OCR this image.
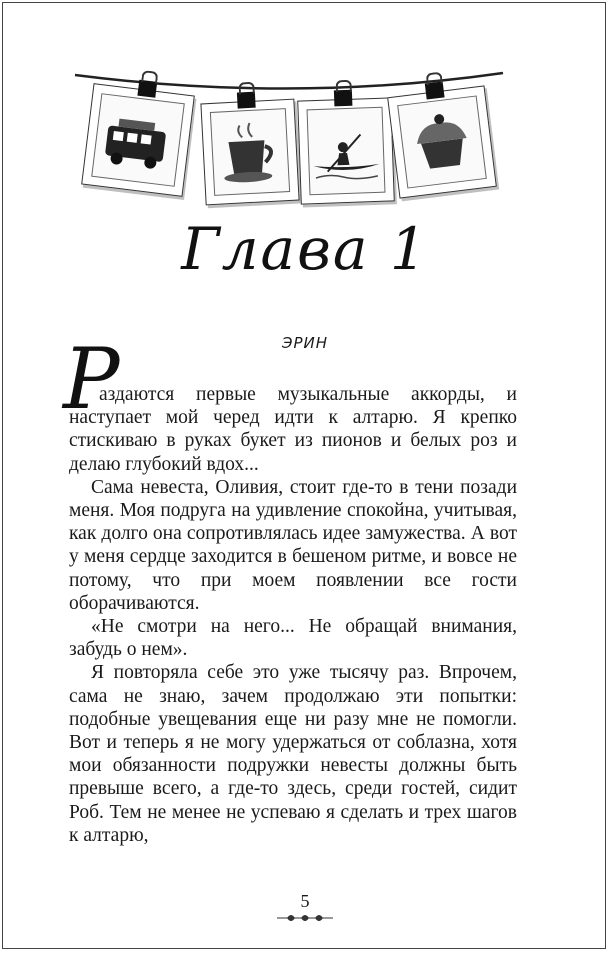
Глава 1
ЭРИН
Р

аздаются первые музыкальные аккорды, и наступает мой черед идти к алтарю. Я крепко стискиваю в руках букет из пионов и белых роз и делаю глубокий вдох...

Сама невеста, Оливия, стоит где-то в тени позади меня. Моя подруга на удивление спокойна, учитывая, как долго она сопротивлялась идее замужества. А вот у меня сердце заходится в бешеном ритме, и вовсе не потому, что при моем появлении все гости оборачиваются.

«Не смотри на него... Не обращай внимания, забудь о нем».

Я повторяла себе это уже тысячу раз. Впрочем, сама не знаю, зачем продолжаю эти попытки: подобные увещевания еще ни разу мне не помогли. Вот и теперь я не могу удержаться от соблазна, хотя мои обязанности подружки невесты должны быть превыше всего, а где-то здесь, среди гостей, сидит Роб. Тем не менее не успеваю я сделать и трех шагов к алтарю,

5
